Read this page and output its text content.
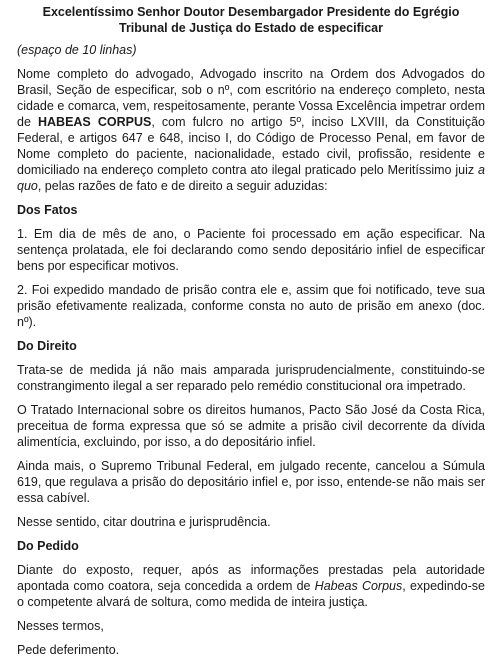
Excelentíssimo Senhor Doutor Desembargador Presidente do Egrégio Tribunal de Justiça do Estado de especificar
(espaço de 10 linhas)

Nome completo do advogado, Advogado inscrito na Ordem dos Advogados do Brasil, Seção de especificar, sob o nº, com escritório na endereço completo, nesta cidade e comarca, vem, respeitosamente, perante Vossa Excelência impetrar ordem de HABEAS CORPUS, com fulcro no artigo 5º, inciso LXVIII, da Constituição Federal, e artigos 647 e 648, inciso I, do Código de Processo Penal, em favor de Nome completo do paciente, nacionalidade, estado civil, profissão, residente e domiciliado na endereço completo contra ato ilegal praticado pelo Meritíssimo juiz a quo, pelas razões de fato e de direito a seguir aduzidas:

Dos Fatos

1. Em dia de mês de ano, o Paciente foi processado em ação especificar. Na sentença prolatada, ele foi declarando como sendo depositário infiel de especificar bens por especificar motivos.

2. Foi expedido mandado de prisão contra ele e, assim que foi notificado, teve sua prisão efetivamente realizada, conforme consta no auto de prisão em anexo (doc. nº).

Do Direito

Trata-se de medida já não mais amparada jurisprudencialmente, constituindo-se constrangimento ilegal a ser reparado pelo remédio constitucional ora impetrado.

O Tratado Internacional sobre os direitos humanos, Pacto São José da Costa Rica, preceitua de forma expressa que só se admite a prisão civil decorrente da dívida alimentícia, excluindo, por isso, a do depositário infiel.

Ainda mais, o Supremo Tribunal Federal, em julgado recente, cancelou a Súmula 619, que regulava a prisão do depositário infiel e, por isso, entende-se não mais ser essa cabível.

Nesse sentido, citar doutrina e jurisprudência.

Do Pedido

Diante do exposto, requer, após as informações prestadas pela autoridade apontada como coatora, seja concedida a ordem de Habeas Corpus, expedindo-se o competente alvará de soltura, como medida de inteira justiça.

Nesses termos,

Pede deferimento.
